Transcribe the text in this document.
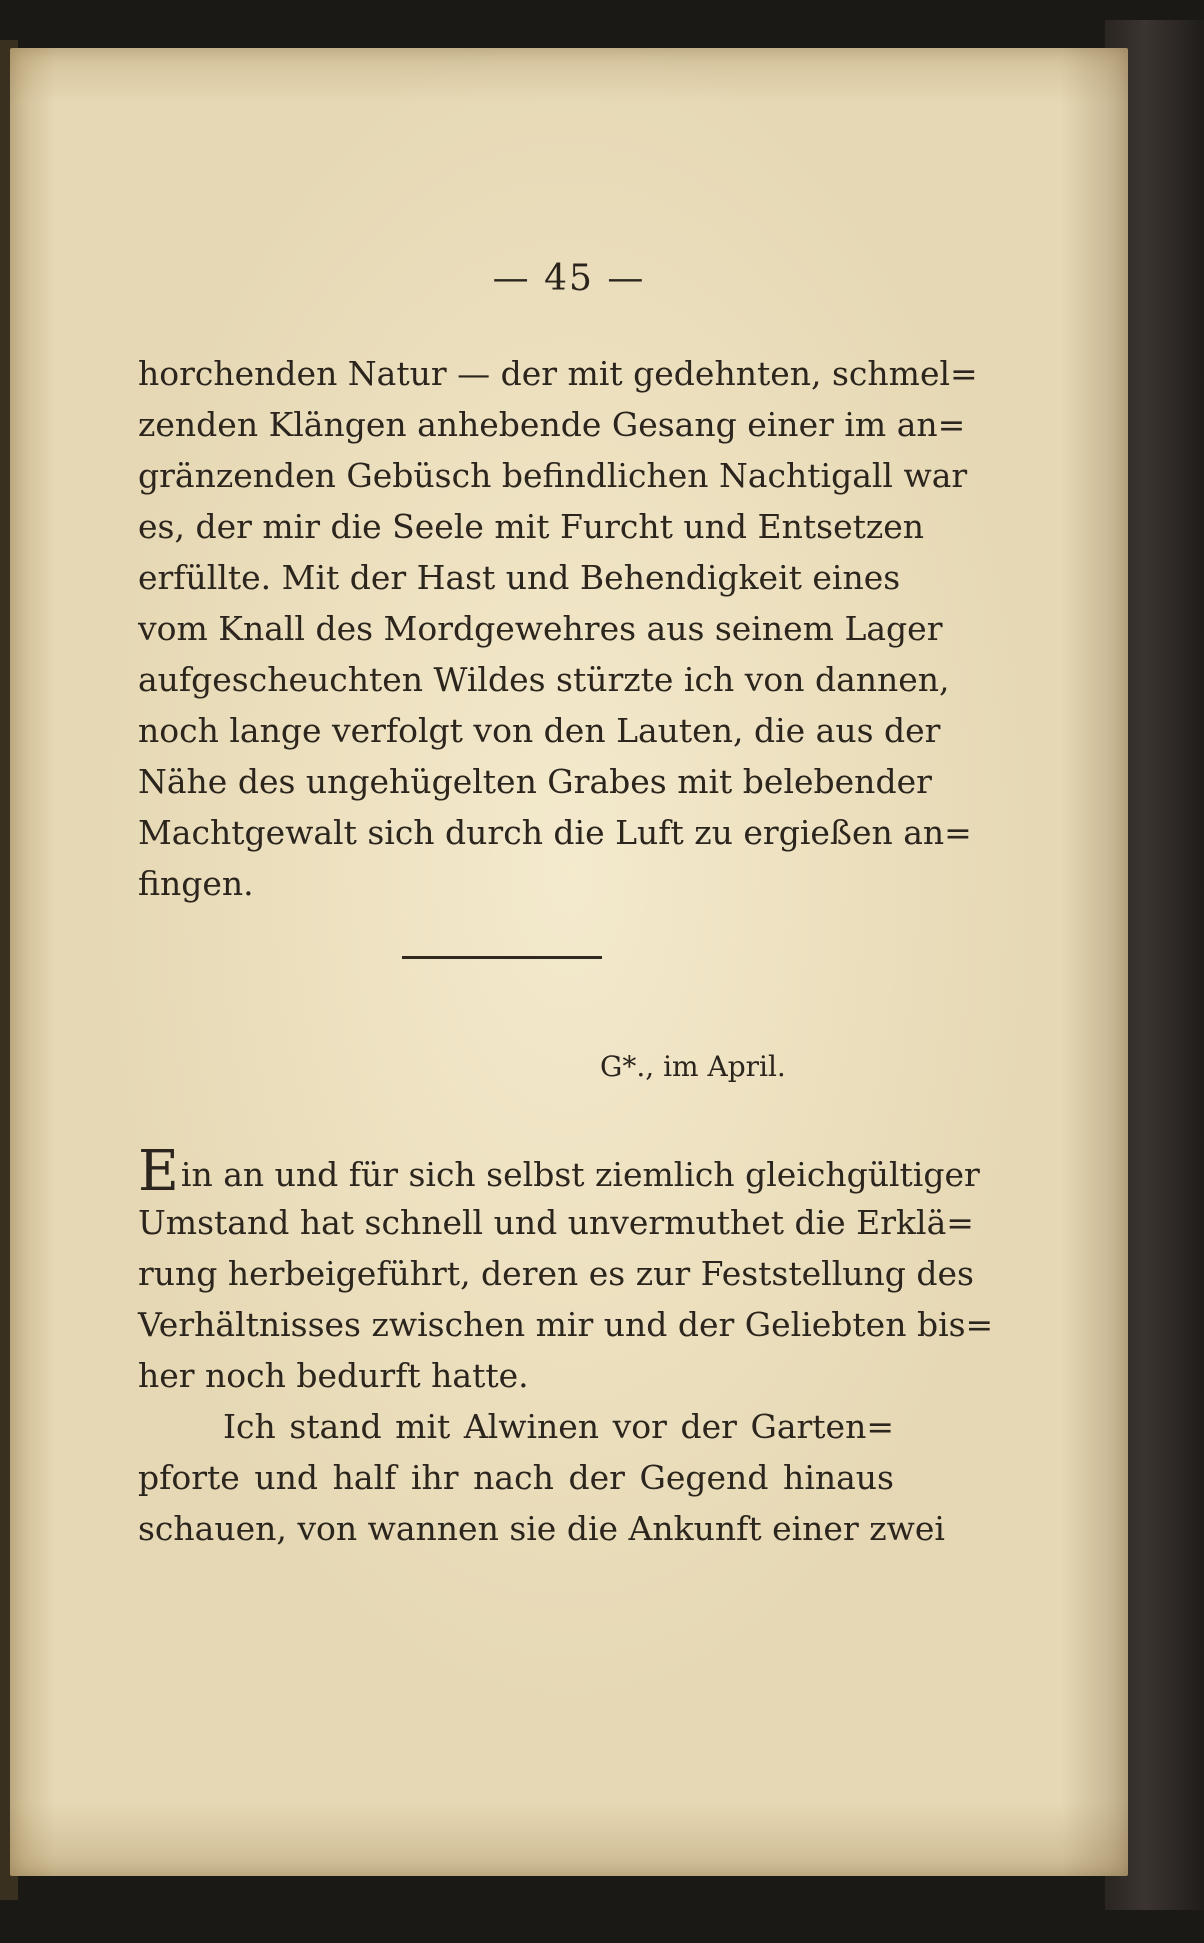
— 45 —
horchenden Natur — der mit gedehnten, schmel=
zenden Klängen anhebende Gesang einer im an=
gränzenden Gebüsch befindlichen Nachtigall war
es, der mir die Seele mit Furcht und Entsetzen
erfüllte. Mit der Hast und Behendigkeit eines
vom Knall des Mordgewehres aus seinem Lager
aufgescheuchten Wildes stürzte ich von dannen,
noch lange verfolgt von den Lauten, die aus der
Nähe des ungehügelten Grabes mit belebender
Machtgewalt sich durch die Luft zu ergießen an=
fingen.
G*., im April.
Ein an und für sich selbst ziemlich gleichgültiger
Umstand hat schnell und unvermuthet die Erklä=
rung herbeigeführt, deren es zur Feststellung des
Verhältnisses zwischen mir und der Geliebten bis=
her noch bedurft hatte.
Ich stand mit Alwinen vor der Garten=
pforte und half ihr nach der Gegend hinaus
schauen, von wannen sie die Ankunft einer zwei
